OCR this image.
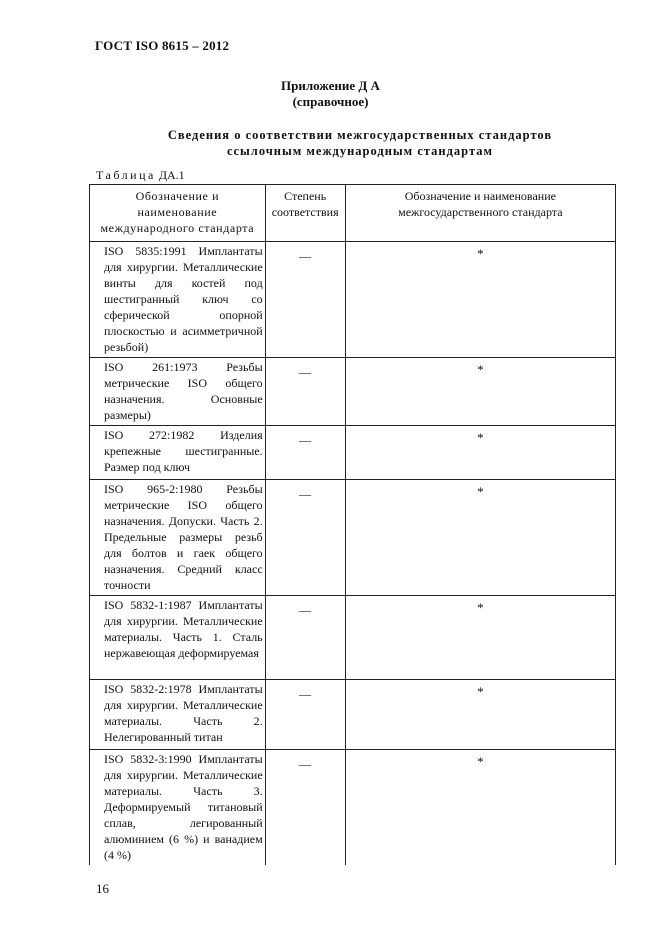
ГОСТ ISO 8615 – 2012
Приложение Д А
(справочное)
Сведения о соответствии межгосударственных стандартов
ссылочным международным стандартам
Таблица ДА.1
Обозначение и наименование международного стандарта	Степень соответствия	Обозначение и наименование межгосударственного стандарта

ISO 5835:1991 Имплантаты для хирургии. Металлические винты для костей под шестигранный ключ со сферической опорной плоскостью и асимметричной резьбой)	—	*

ISO 261:1973 Резьбы метрические ISO общего назначения. Основные размеры)	—	*

ISO 272:1982 Изделия крепежные шестигранные. Размер под ключ	—	*

ISO 965-2:1980 Резьбы метрические ISO общего назначения. Допуски. Часть 2. Предельные размеры резьб для болтов и гаек общего назначения. Средний класс точности	—	*

ISO 5832-1:1987 Имплантаты для хирургии. Металлические материалы. Часть 1. Сталь нержавеющая деформируемая	—	*

ISO 5832-2:1978 Имплантаты для хирургии. Металлические материалы. Часть 2. Нелегированный титан	—	*

ISO 5832-3:1990 Имплантаты для хирургии. Металлические материалы. Часть 3. Деформируемый титановый сплав, легированный алюминием (6 %) и ванадием (4 %)	—	*
16
